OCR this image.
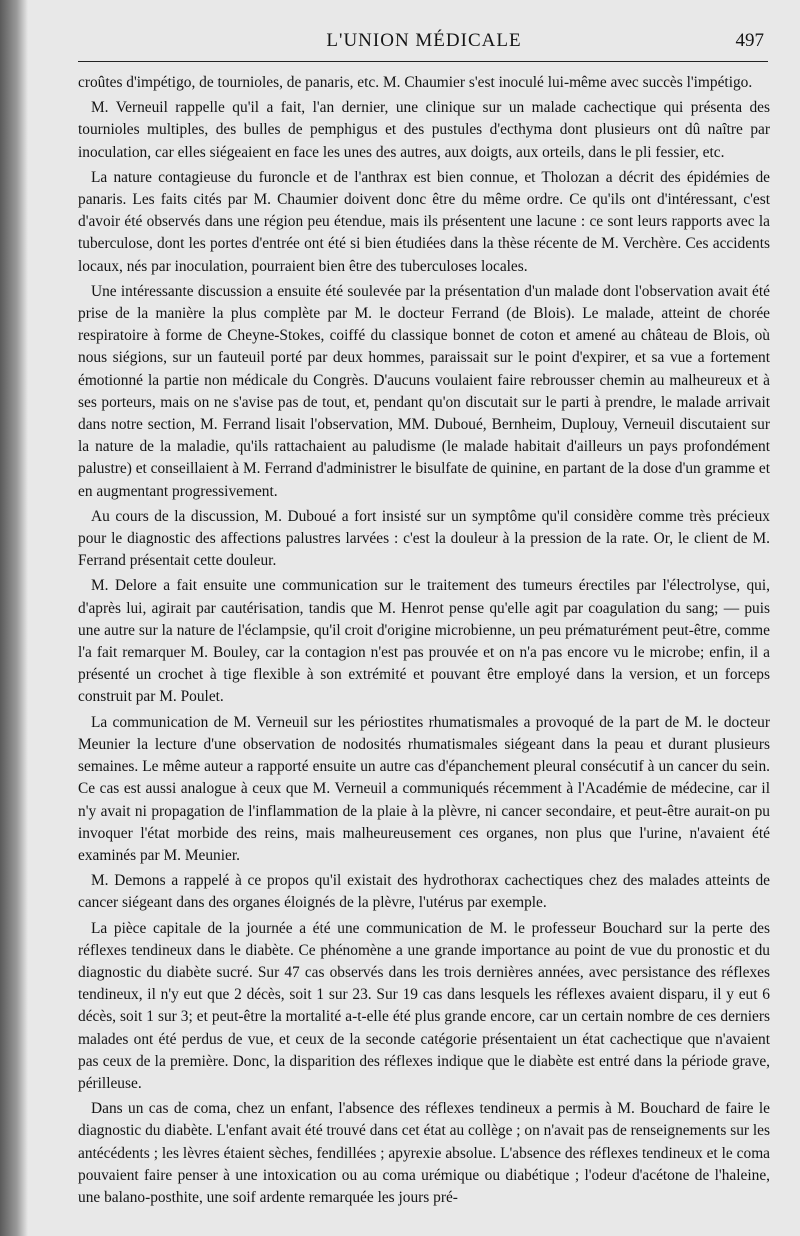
L'UNION MÉDICALE	497

croûtes d'impétigo, de tournioles, de panaris, etc. M. Chaumier s'est inoculé lui-même avec succès l'impétigo.

M. Verneuil rappelle qu'il a fait, l'an dernier, une clinique sur un malade cachectique qui présenta des tournioles multiples, des bulles de pemphigus et des pustules d'ecthyma dont plusieurs ont dû naître par inoculation, car elles siégeaient en face les unes des autres, aux doigts, aux orteils, dans le pli fessier, etc.

La nature contagieuse du furoncle et de l'anthrax est bien connue, et Tholozan a décrit des épidémies de panaris. Les faits cités par M. Chaumier doivent donc être du même ordre. Ce qu'ils ont d'intéressant, c'est d'avoir été observés dans une région peu étendue, mais ils présentent une lacune : ce sont leurs rapports avec la tuberculose, dont les portes d'entrée ont été si bien étudiées dans la thèse récente de M. Verchère. Ces accidents locaux, nés par inoculation, pourraient bien être des tuberculoses locales.

Une intéressante discussion a ensuite été soulevée par la présentation d'un malade dont l'observation avait été prise de la manière la plus complète par M. le docteur Ferrand (de Blois). Le malade, atteint de chorée respiratoire à forme de Cheyne-Stokes, coiffé du classique bonnet de coton et amené au château de Blois, où nous siégions, sur un fauteuil porté par deux hommes, paraissait sur le point d'expirer, et sa vue a fortement émotionné la partie non médicale du Congrès. D'aucuns voulaient faire rebrousser chemin au malheureux et à ses porteurs, mais on ne s'avise pas de tout, et, pendant qu'on discutait sur le parti à prendre, le malade arrivait dans notre section, M. Ferrand lisait l'observation, MM. Duboué, Bernheim, Duplouy, Verneuil discutaient sur la nature de la maladie, qu'ils rattachaient au paludisme (le malade habitait d'ailleurs un pays profondément palustre) et conseillaient à M. Ferrand d'administrer le bisulfate de quinine, en partant de la dose d'un gramme et en augmentant progressivement.

Au cours de la discussion, M. Duboué a fort insisté sur un symptôme qu'il considère comme très précieux pour le diagnostic des affections palustres larvées : c'est la douleur à la pression de la rate. Or, le client de M. Ferrand présentait cette douleur.

M. Delore a fait ensuite une communication sur le traitement des tumeurs érectiles par l'électrolyse, qui, d'après lui, agirait par cautérisation, tandis que M. Henrot pense qu'elle agit par coagulation du sang; — puis une autre sur la nature de l'éclampsie, qu'il croit d'origine microbienne, un peu prématurément peut-être, comme l'a fait remarquer M. Bouley, car la contagion n'est pas prouvée et on n'a pas encore vu le microbe; enfin, il a présenté un crochet à tige flexible à son extrémité et pouvant être employé dans la version, et un forceps construit par M. Poulet.

La communication de M. Verneuil sur les périostites rhumatismales a provoqué de la part de M. le docteur Meunier la lecture d'une observation de nodosités rhumatismales siégeant dans la peau et durant plusieurs semaines. Le même auteur a rapporté ensuite un autre cas d'épanchement pleural consécutif à un cancer du sein. Ce cas est aussi analogue à ceux que M. Verneuil a communiqués récemment à l'Académie de médecine, car il n'y avait ni propagation de l'inflammation de la plaie à la plèvre, ni cancer secondaire, et peut-être aurait-on pu invoquer l'état morbide des reins, mais malheureusement ces organes, non plus que l'urine, n'avaient été examinés par M. Meunier.

M. Demons a rappelé à ce propos qu'il existait des hydrothorax cachectiques chez des malades atteints de cancer siégeant dans des organes éloignés de la plèvre, l'utérus par exemple.

La pièce capitale de la journée a été une communication de M. le professeur Bouchard sur la perte des réflexes tendineux dans le diabète. Ce phénomène a une grande importance au point de vue du pronostic et du diagnostic du diabète sucré. Sur 47 cas observés dans les trois dernières années, avec persistance des réflexes tendineux, il n'y eut que 2 décès, soit 1 sur 23. Sur 19 cas dans lesquels les réflexes avaient disparu, il y eut 6 décès, soit 1 sur 3; et peut-être la mortalité a-t-elle été plus grande encore, car un certain nombre de ces derniers malades ont été perdus de vue, et ceux de la seconde catégorie présentaient un état cachectique que n'avaient pas ceux de la première. Donc, la disparition des réflexes indique que le diabète est entré dans la période grave, périlleuse.

Dans un cas de coma, chez un enfant, l'absence des réflexes tendineux a permis à M. Bouchard de faire le diagnostic du diabète. L'enfant avait été trouvé dans cet état au collège ; on n'avait pas de renseignements sur les antécédents ; les lèvres étaient sèches, fendillées ; apyrexie absolue. L'absence des réflexes tendineux et le coma pouvaient faire penser à une intoxication ou au coma urémique ou diabétique ; l'odeur d'acétone de l'haleine, une balano-posthite, une soif ardente remarquée les jours pré-
